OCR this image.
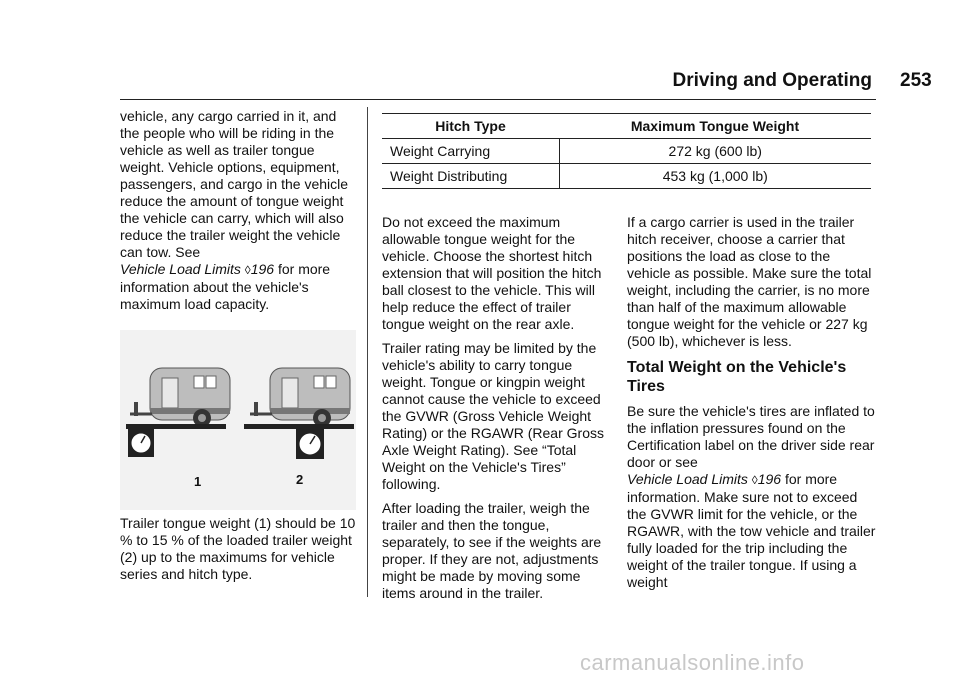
Driving and Operating 253

vehicle, any cargo carried in it, and the people who will be riding in the vehicle as well as trailer tongue weight. Vehicle options, equipment, passengers, and cargo in the vehicle reduce the amount of tongue weight the vehicle can carry, which will also reduce the trailer weight the vehicle can tow. See
Vehicle Load Limits ◊196 for more information about the vehicle's maximum load capacity.

1	2

Trailer tongue weight (1) should be 10 % to 15 % of the loaded trailer weight (2) up to the maximums for vehicle series and hitch type.

Hitch Type	Maximum Tongue Weight
Weight Carrying	272 kg (600 lb)
Weight Distributing	453 kg (1,000 lb)

Do not exceed the maximum allowable tongue weight for the vehicle. Choose the shortest hitch extension that will position the hitch ball closest to the vehicle. This will help reduce the effect of trailer tongue weight on the rear axle.

Trailer rating may be limited by the vehicle's ability to carry tongue weight. Tongue or kingpin weight cannot cause the vehicle to exceed the GVWR (Gross Vehicle Weight Rating) or the RGAWR (Rear Gross Axle Weight Rating). See “Total Weight on the Vehicle's Tires” following.

After loading the trailer, weigh the trailer and then the tongue, separately, to see if the weights are proper. If they are not, adjustments might be made by moving some items around in the trailer.

If a cargo carrier is used in the trailer hitch receiver, choose a carrier that positions the load as close to the vehicle as possible. Make sure the total weight, including the carrier, is no more than half of the maximum allowable tongue weight for the vehicle or 227 kg (500 lb), whichever is less.

Total Weight on the Vehicle's Tires

Be sure the vehicle's tires are inflated to the inflation pressures found on the Certification label on the driver side rear door or see
Vehicle Load Limits ◊196 for more information. Make sure not to exceed the GVWR limit for the vehicle, or the RGAWR, with the tow vehicle and trailer fully loaded for the trip including the weight of the trailer tongue. If using a weight

carmanualsonline.info
